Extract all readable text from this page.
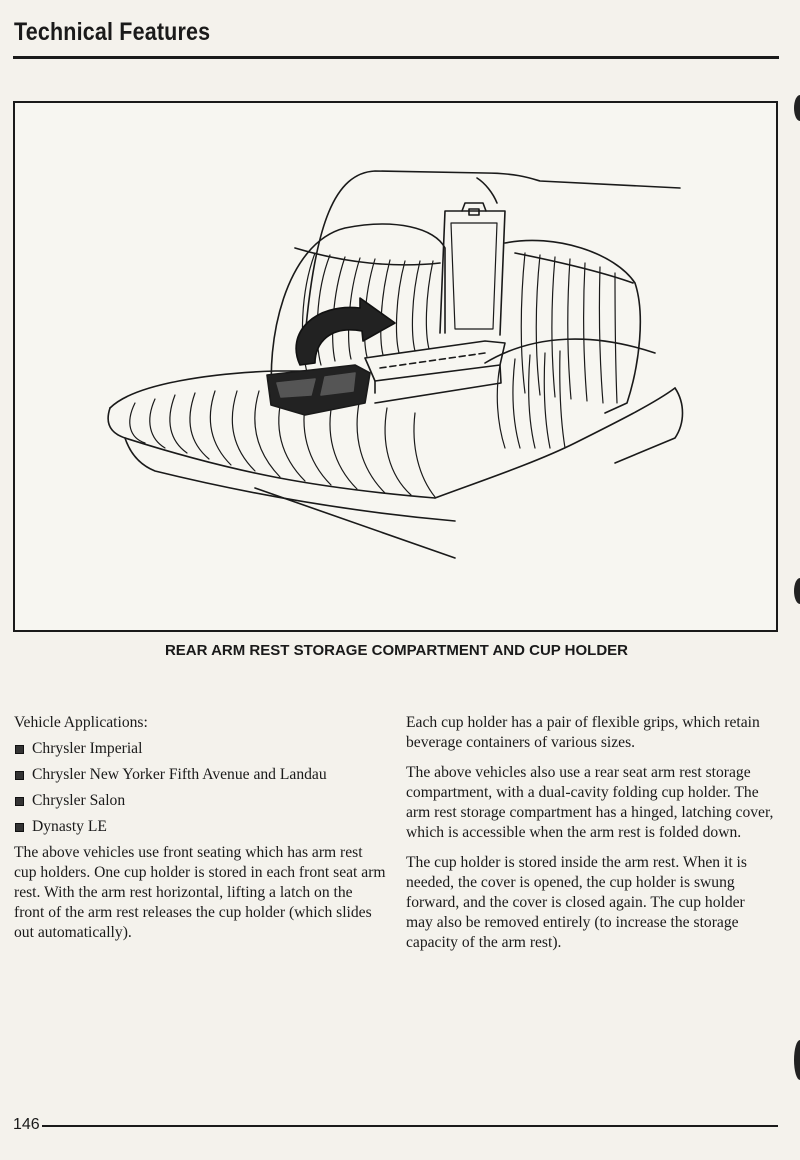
Technical Features
REAR ARM REST STORAGE COMPARTMENT AND CUP HOLDER

Vehicle Applications:

Chrysler Imperial
Chrysler New Yorker Fifth Avenue and Landau
Chrysler Salon
Dynasty LE

The above vehicles use front seating which has arm rest cup holders. One cup holder is stored in each front seat arm rest. With the arm rest horizontal, lifting a latch on the front of the arm rest releases the cup holder (which slides out automatically).

Each cup holder has a pair of flexible grips, which retain beverage containers of various sizes.

The above vehicles also use a rear seat arm rest storage compartment, with a dual-cavity folding cup holder. The arm rest storage compartment has a hinged, latching cover, which is accessible when the arm rest is folded down.

The cup holder is stored inside the arm rest. When it is needed, the cover is opened, the cup holder is swung forward, and the cover is closed again. The cup holder may also be removed entirely (to increase the storage capacity of the arm rest).

146
